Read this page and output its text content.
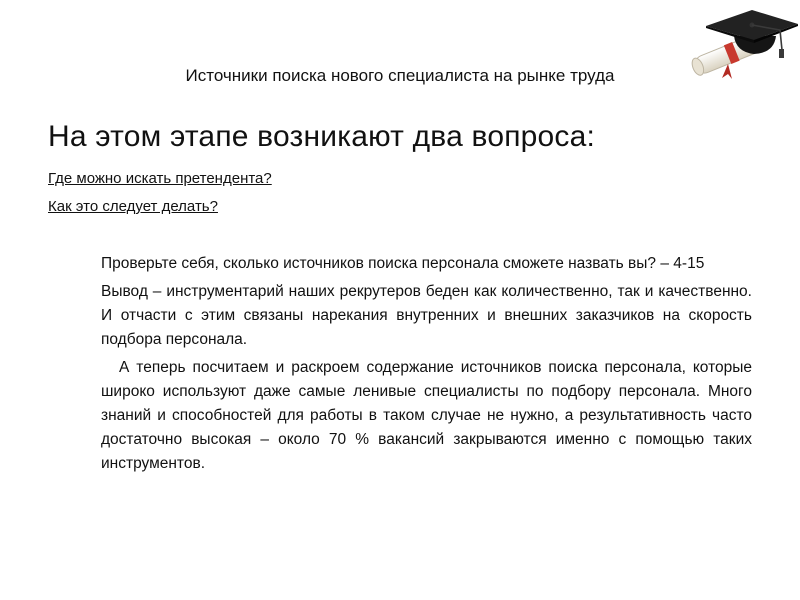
Источники поиска нового специалиста на рынке труда
На этом этапе возникают два вопроса:
Где можно искать претендента?
Как это следует делать?

Проверьте себя, сколько источников поиска персонала сможете назвать вы? – 4-15

Вывод – инструментарий наших рекрутеров беден как количественно, так и качественно. И отчасти с этим связаны нарекания внутренних и внешних заказчиков на скорость подбора персонала.

А теперь посчитаем и раскроем содержание источников поиска персонала, которые широко используют даже самые ленивые специалисты по подбору персонала. Много знаний и способностей для работы в таком случае не нужно, а результативность часто достаточно высокая – около 70 % вакансий закрываются именно с помощью таких инструментов.
